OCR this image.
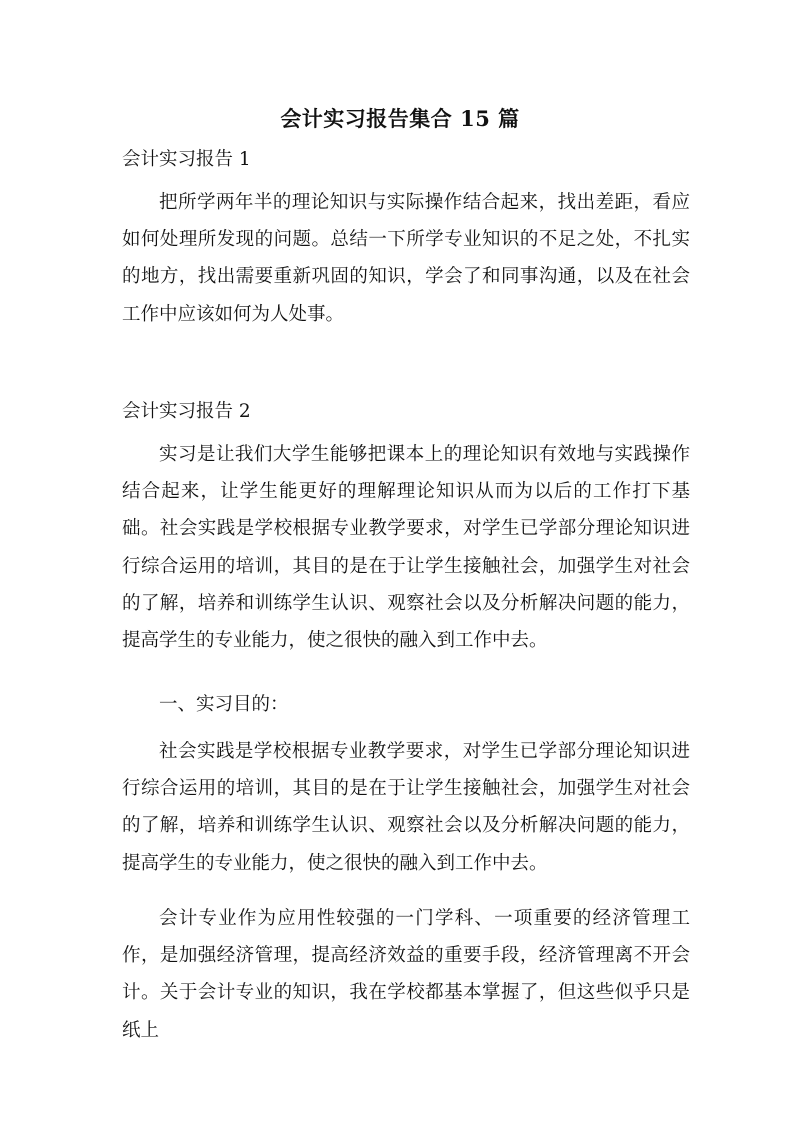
会计实习报告集合 15 篇
会计实习报告 1
把所学两年半的理论知识与实际操作结合起来，找出差距，看应如何处理所发现的问题。总结一下所学专业知识的不足之处，不扎实的地方，找出需要重新巩固的知识，学会了和同事沟通，以及在社会工作中应该如何为人处事。
会计实习报告 2
实习是让我们大学生能够把课本上的理论知识有效地与实践操作结合起来，让学生能更好的理解理论知识从而为以后的工作打下基础。社会实践是学校根据专业教学要求，对学生已学部分理论知识进行综合运用的培训，其目的是在于让学生接触社会，加强学生对社会的了解，培养和训练学生认识、观察社会以及分析解决问题的能力，提高学生的专业能力，使之很快的融入到工作中去。
一、实习目的：
社会实践是学校根据专业教学要求，对学生已学部分理论知识进行综合运用的培训，其目的是在于让学生接触社会，加强学生对社会的了解，培养和训练学生认识、观察社会以及分析解决问题的能力，提高学生的专业能力，使之很快的融入到工作中去。
会计专业作为应用性较强的一门学科、一项重要的经济管理工作，是加强经济管理，提高经济效益的重要手段，经济管理离不开会计。关于会计专业的知识，我在学校都基本掌握了，但这些似乎只是纸上
